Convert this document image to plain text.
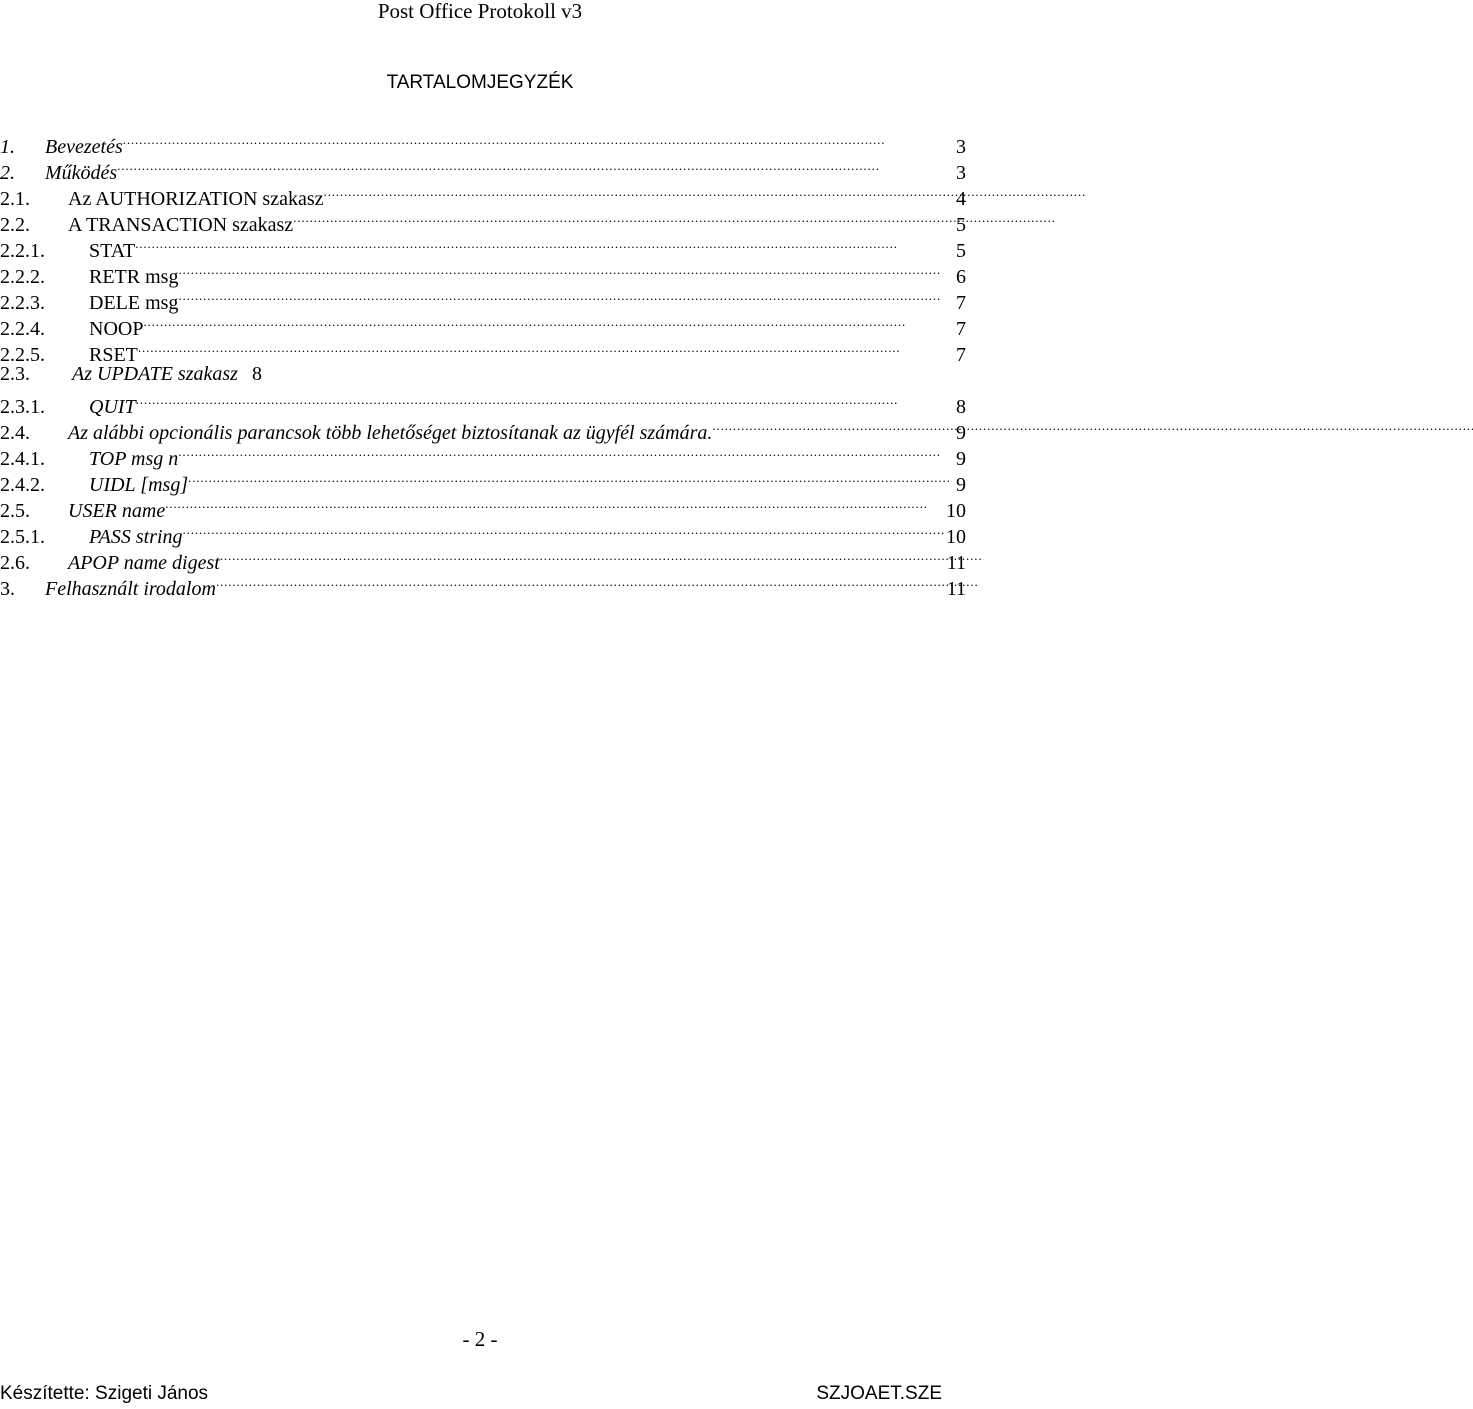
Post Office Protokoll v3
TARTALOMJEGYZÉK
1.	Bevezetés . . .	3
2.	Működés . . .	3
2.1.	Az AUTHORIZATION szakasz . . .	4
2.2.	A TRANSACTION szakasz . . .	5
2.2.1.	STAT . . .	5
2.2.2.	RETR msg . . .	6
2.2.3.	DELE msg . . .	7
2.2.4.	NOOP . . .	7
2.2.5.	RSET . . .	7
2.3.	Az UPDATE szakasz 8
2.3.1.	QUIT . . .	8
2.4.	Az alábbi opcionális parancsok több lehetőséget biztosítanak az ügyfél számára. . . .	9
2.4.1.	TOP msg n . . .	9
2.4.2.	UIDL [msg] . . .	9
2.5.	USER name . . .	10
2.5.1.	PASS string . . .	10
2.6.	APOP name digest . . .	11
3.	Felhasznált irodalom . . .	11
- 2 -
Készítette: Szigeti János	SZJOAET.SZE
